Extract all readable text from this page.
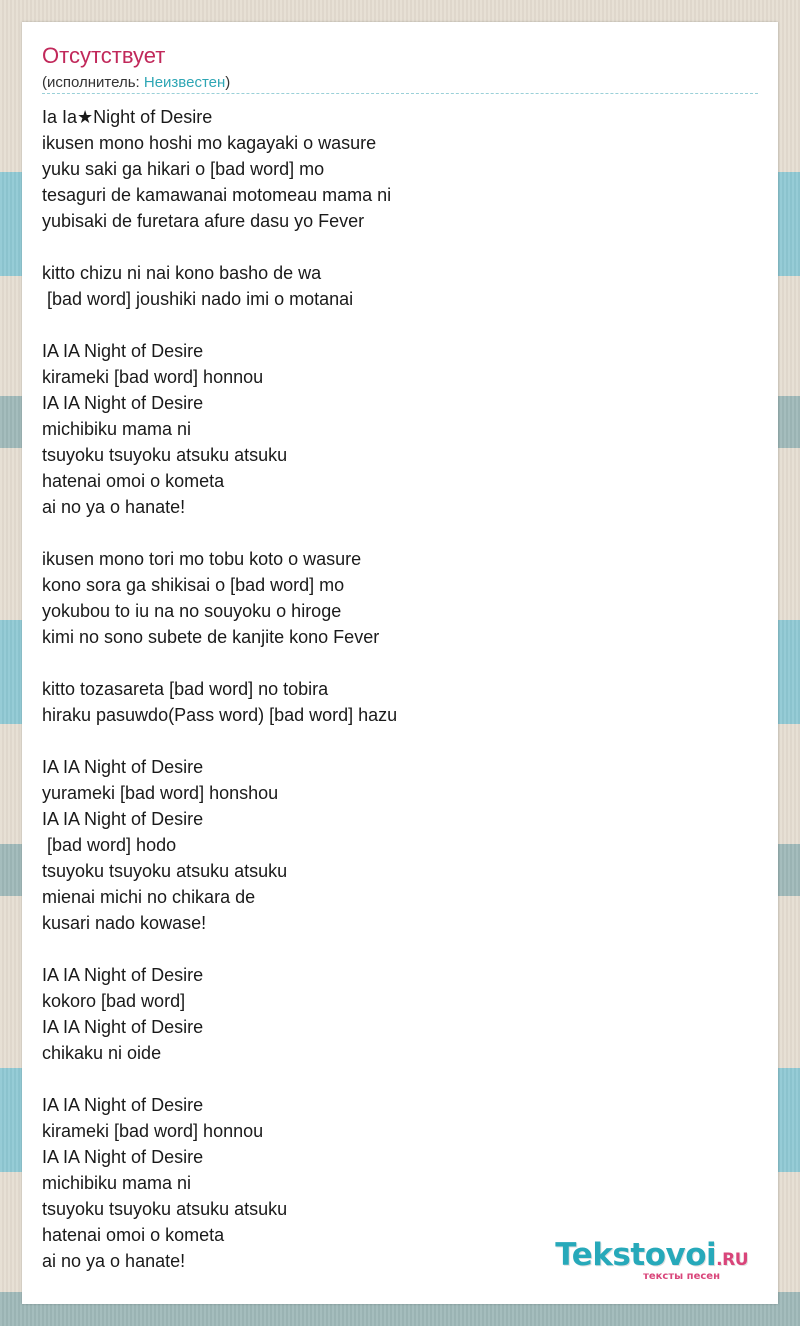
Отсутствует
(исполнитель: Неизвестен)
Ia Ia★Night of Desire
ikusen mono hoshi mo kagayaki o wasure
yuku saki ga hikari o [bad word] mo
tesaguri de kamawanai motomeau mama ni
yubisaki de furetara afure dasu yo Fever
kitto chizu ni nai kono basho de wa
[bad word] joushiki nado imi o motanai
IA IA Night of Desire
kirameki [bad word] honnou
IA IA Night of Desire
michibiku mama ni
tsuyoku tsuyoku atsuku atsuku
hatenai omoi o kometa
ai no ya o hanate!
ikusen mono tori mo tobu koto o wasure
kono sora ga shikisai o [bad word] mo
yokubou to iu na no souyoku o hiroge
kimi no sono subete de kanjite kono Fever
kitto tozasareta [bad word] no tobira
hiraku pasuwdo(Pass word) [bad word] hazu
IA IA Night of Desire
yurameki [bad word] honshou
IA IA Night of Desire
[bad word] hodo
tsuyoku tsuyoku atsuku atsuku
mienai michi no chikara de
kusari nado kowase!
IA IA Night of Desire
kokoro [bad word]
IA IA Night of Desire
chikaku ni oide
IA IA Night of Desire
kirameki [bad word] honnou
IA IA Night of Desire
michibiku mama ni
tsuyoku tsuyoku atsuku atsuku
hatenai omoi o kometa
ai no ya o hanate!	Tekstovoi.RU
тексты песен
